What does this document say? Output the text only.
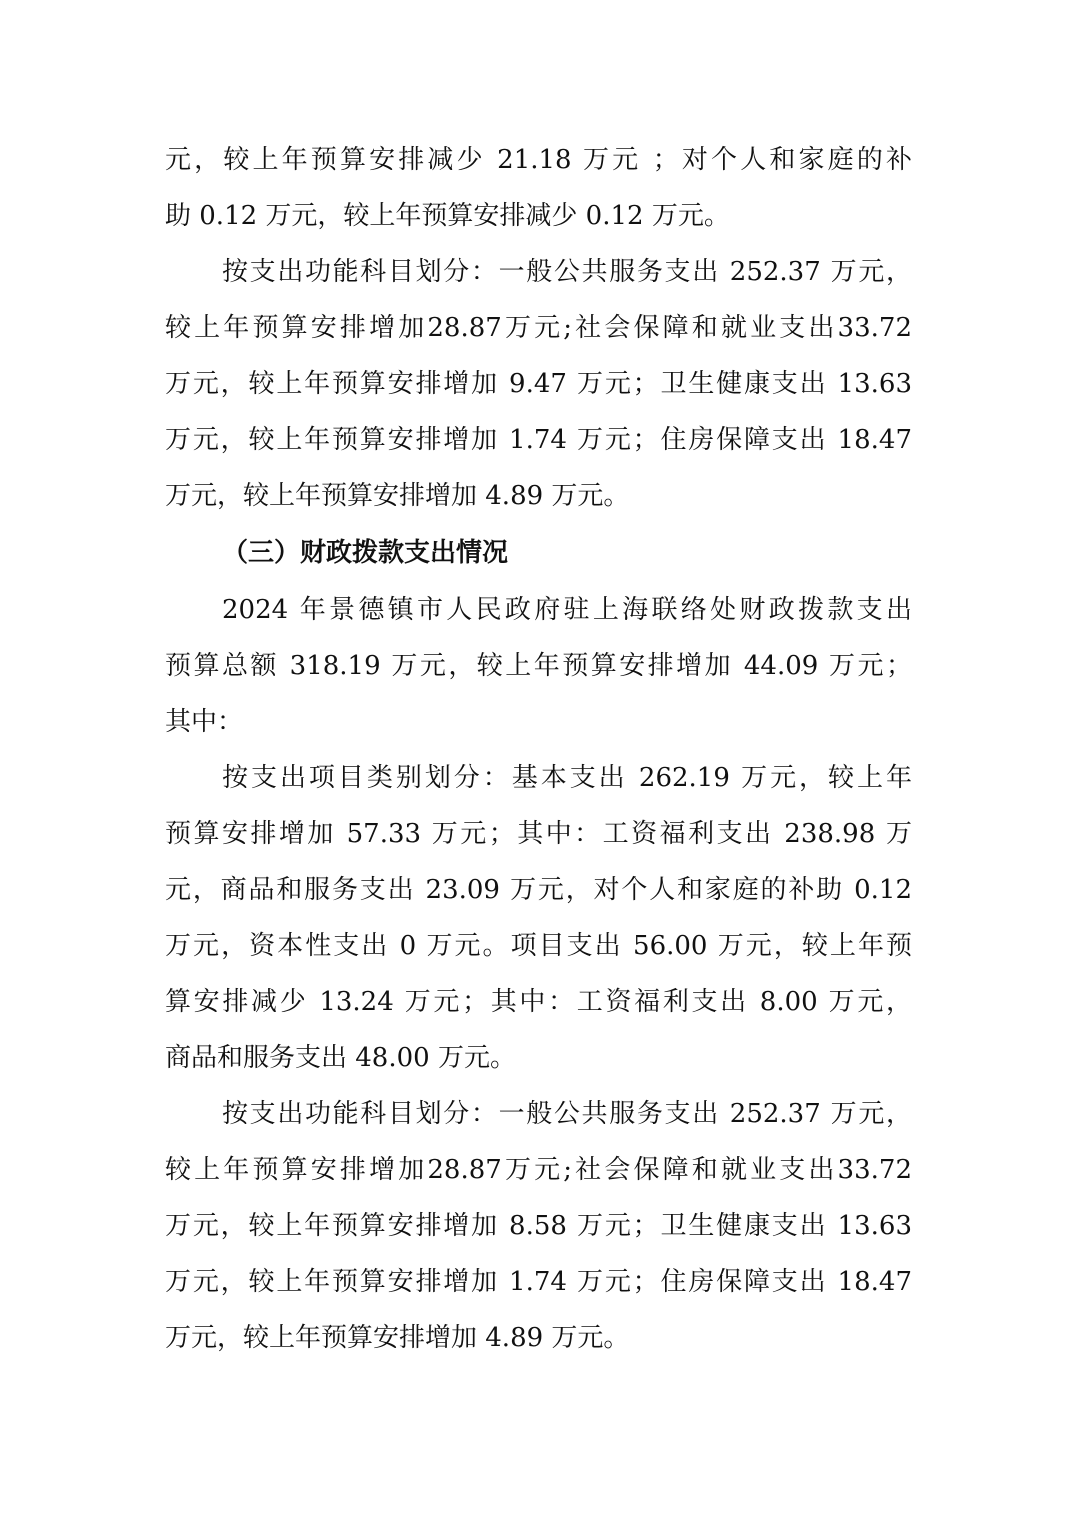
元，较上年预算安排减少 21.18 万元 ；对个人和家庭的补
助 0.12 万元，较上年预算安排减少 0.12 万元。
按支出功能科目划分：一般公共服务支出 252.37 万元，
较上年预算安排增加28.87万元;社会保障和就业支出33.72
万元，较上年预算安排增加 9.47 万元；卫生健康支出 13.63
万元，较上年预算安排增加 1.74 万元；住房保障支出 18.47
万元，较上年预算安排增加 4.89 万元。
（三）财政拨款支出情况
2024 年景德镇市人民政府驻上海联络处财政拨款支出
预算总额 318.19 万元，较上年预算安排增加 44.09 万元；
其中：
按支出项目类别划分：基本支出 262.19 万元，较上年
预算安排增加 57.33 万元；其中：工资福利支出 238.98 万
元，商品和服务支出 23.09 万元，对个人和家庭的补助 0.12
万元，资本性支出 0 万元。项目支出 56.00 万元，较上年预
算安排减少 13.24 万元；其中：工资福利支出 8.00 万元，
商品和服务支出 48.00 万元。
按支出功能科目划分：一般公共服务支出 252.37 万元，
较上年预算安排增加28.87万元;社会保障和就业支出33.72
万元，较上年预算安排增加 8.58 万元；卫生健康支出 13.63
万元，较上年预算安排增加 1.74 万元；住房保障支出 18.47
万元，较上年预算安排增加 4.89 万元。
